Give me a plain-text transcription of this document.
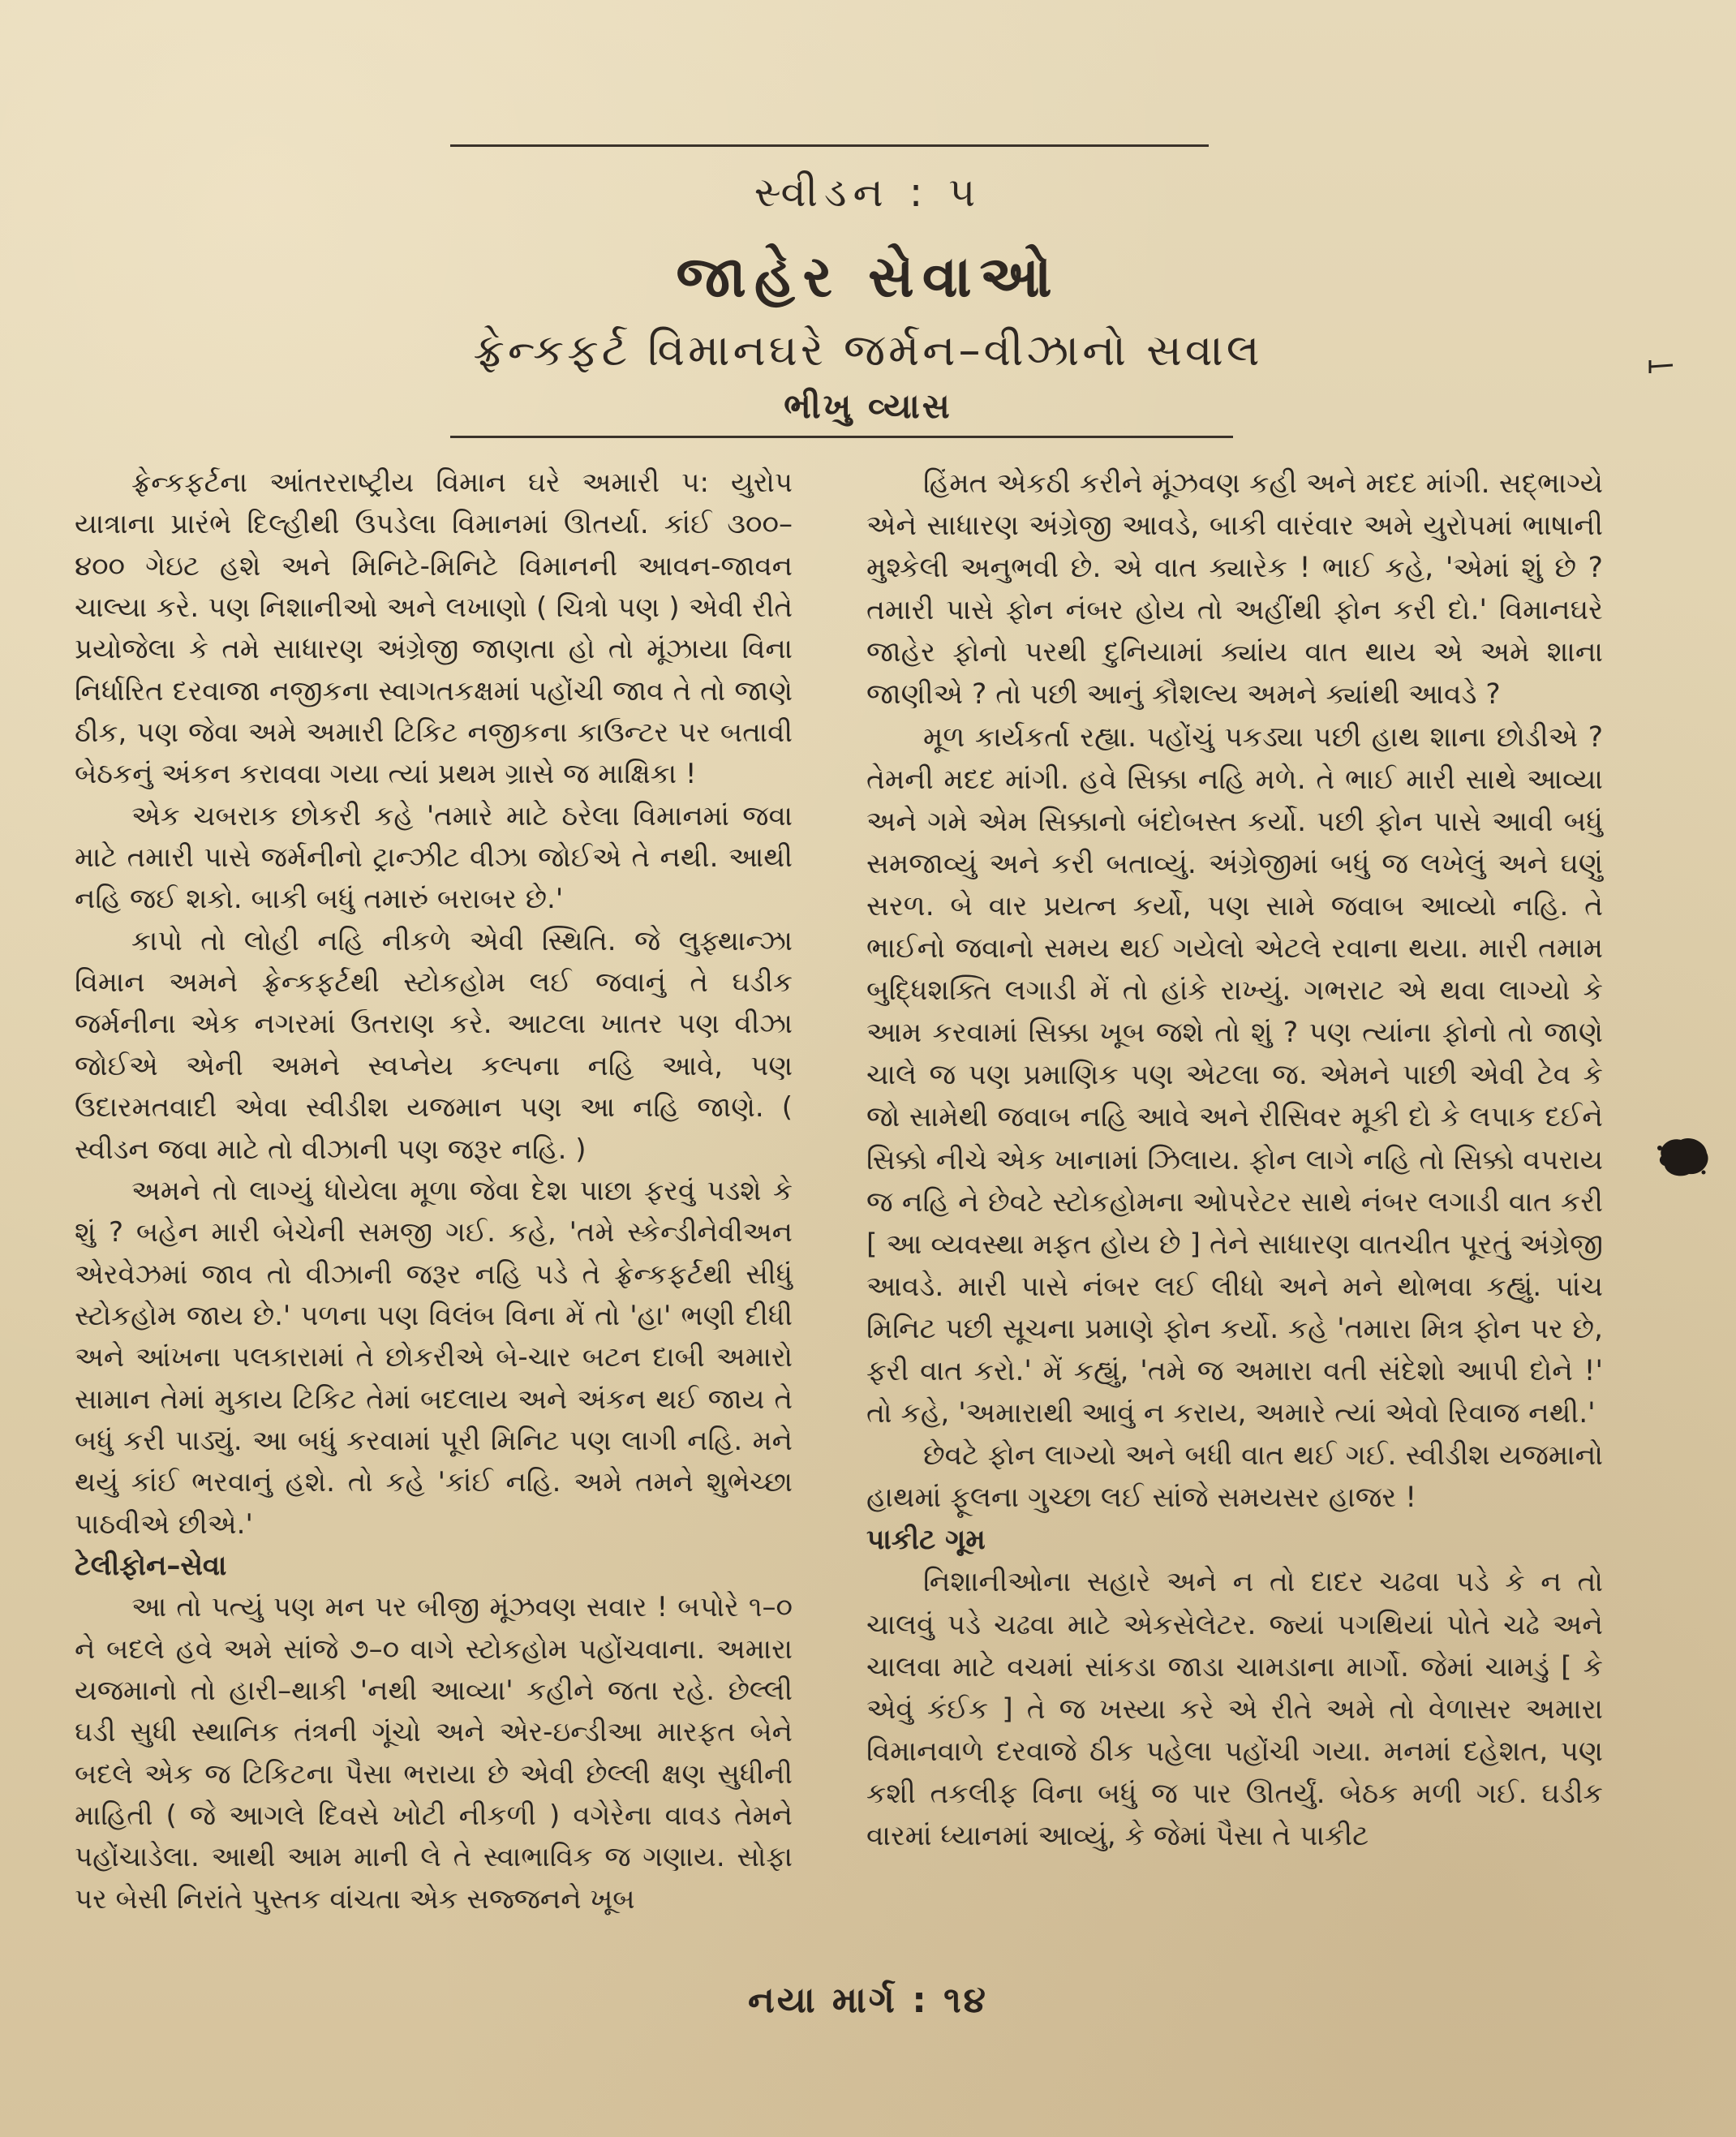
સ્વીડન : ૫
જાહેર સેવાઓ
ફ્રેન્કફર્ટ વિમાનઘરે જર્મન–વીઝાનો સવાલ
ભીખુ વ્યાસ

ફ્રેન્કફર્ટના આંતરરાષ્ટ્રીય વિમાન ઘરે અમારી ૫: યુરોપ યાત્રાના પ્રારંભે દિલ્હીથી ઉપડેલા વિમાનમાં ઊતર્યા. કાંઈ ૩૦૦–૪૦૦ ગેઇટ હશે અને મિનિટે-મિનિટે વિમાનની આવન-જાવન ચાલ્યા કરે. પણ નિશાનીઓ અને લખાણો ( ચિત્રો પણ ) એવી રીતે પ્રયોજેલા કે તમે સાધારણ અંગ્રેજી જાણતા હો તો મૂંઝાયા વિના નિર્ધારિત દરવાજા નજીકના સ્વાગતકક્ષમાં પહોંચી જાવ તે તો જાણે ઠીક, પણ જેવા અમે અમારી ટિકિટ નજીકના કાઉન્ટર પર બતાવી બેઠકનું અંકન કરાવવા ગયા ત્યાં પ્રથમ ગ્રાસે જ માક્ષિકા !

એક ચબરાક છોકરી કહે 'તમારે માટે ઠરેલા વિમાનમાં જવા માટે તમારી પાસે જર્મનીનો ટ્રાન્ઝીટ વીઝા જોઈએ તે નથી. આથી નહિ જઈ શકો. બાકી બધું તમારું બરાબર છે.'

કાપો તો લોહી નહિ નીકળે એવી સ્થિતિ. જે લુફ્થાન્ઝા વિમાન અમને ફ્રેન્કફર્ટથી સ્ટોકહોમ લઈ જવાનું તે ઘડીક જર્મનીના એક નગરમાં ઉતરાણ કરે. આટલા ખાતર પણ વીઝા જોઈએ એની અમને સ્વપ્નેય કલ્પના નહિ આવે, પણ ઉદારમતવાદી એવા સ્વીડીશ યજમાન પણ આ નહિ જાણે. ( સ્વીડન જવા માટે તો વીઝાની પણ જરૂર નહિ. )

અમને તો લાગ્યું ધોયેલા મૂળા જેવા દેશ પાછા ફરવું પડશે કે શું ? બહેન મારી બેચેની સમજી ગઈ. કહે, 'તમે સ્કેન્ડીનેવીઅન એરવેઝમાં જાવ તો વીઝાની જરૂર નહિ પડે તે ફ્રેન્કફર્ટથી સીધું સ્ટોકહોમ જાય છે.' પળના પણ વિલંબ વિના મેં તો 'હા' ભણી દીધી અને આંખના પલકારામાં તે છોકરીએ બે-ચાર બટન દાબી અમારો સામાન તેમાં મુકાય ટિકિટ તેમાં બદલાય અને અંકન થઈ જાય તે બધું કરી પાડ્યું. આ બધું કરવામાં પૂરી મિનિટ પણ લાગી નહિ. મને થયું કાંઈ ભરવાનું હશે. તો કહે 'કાંઈ નહિ. અમે તમને શુભેચ્છા પાઠવીએ છીએ.'

ટેલીફોન–સેવા

આ તો પત્યું પણ મન પર બીજી મૂંઝવણ સવાર ! બપોરે ૧–૦ ને બદલે હવે અમે સાંજે ૭–૦ વાગે સ્ટોકહોમ પહોંચવાના. અમારા યજમાનો તો હારી–થાકી 'નથી આવ્યા' કહીને જતા રહે. છેલ્લી ઘડી સુધી સ્થાનિક તંત્રની ગૂંચો અને એર-ઇન્ડીઆ મારફત બેને બદલે એક જ ટિકિટના પૈસા ભરાયા છે એવી છેલ્લી ક્ષણ સુધીની માહિતી ( જે આગલે દિવસે ખોટી નીકળી ) વગેરેના વાવડ તેમને પહોંચાડેલા. આથી આમ માની લે તે સ્વાભાવિક જ ગણાય. સોફા પર બેસી નિરાંતે પુસ્તક વાંચતા એક સજ્જનને ખૂબ

હિંમત એકઠી કરીને મૂંઝવણ કહી અને મદદ માંગી. સદ્ભાગ્યે એને સાધારણ અંગ્રેજી આવડે, બાકી વારંવાર અમે યુરોપમાં ભાષાની મુશ્કેલી અનુભવી છે. એ વાત ક્યારેક ! ભાઈ કહે, 'એમાં શું છે ? તમારી પાસે ફોન નંબર હોય તો અહીંથી ફોન કરી દો.' વિમાનઘરે જાહેર ફોનો પરથી દુનિયામાં ક્યાંય વાત થાય એ અમે શાના જાણીએ ? તો પછી આનું કૌશલ્ય અમને ક્યાંથી આવડે ?

મૂળ કાર્યકર્તા રહ્યા. પહોંચું પકડ્યા પછી હાથ શાના છોડીએ ? તેમની મદદ માંગી. હવે સિક્કા નહિ મળે. તે ભાઈ મારી સાથે આવ્યા અને ગમે એમ સિક્કાનો બંદોબસ્ત કર્યો. પછી ફોન પાસે આવી બધું સમજાવ્યું અને કરી બતાવ્યું. અંગ્રેજીમાં બધું જ લખેલું અને ઘણું સરળ. બે વાર પ્રયત્ન કર્યો, પણ સામે જવાબ આવ્યો નહિ. તે ભાઈનો જવાનો સમય થઈ ગયેલો એટલે રવાના થયા. મારી તમામ બુદ્ધિશક્તિ લગાડી મેં તો હાંકે રાખ્યું. ગભરાટ એ થવા લાગ્યો કે આમ કરવામાં સિક્કા ખૂબ જશે તો શું ? પણ ત્યાંના ફોનો તો જાણે ચાલે જ પણ પ્રમાણિક પણ એટલા જ. એમને પાછી એવી ટેવ કે જો સામેથી જવાબ નહિ આવે અને રીસિવર મૂકી દો કે લપાક દઈને સિક્કો નીચે એક ખાનામાં ઝિલાય. ફોન લાગે નહિ તો સિક્કો વપરાય જ નહિ ને છેવટે સ્ટોકહોમના ઓપરેટર સાથે નંબર લગાડી વાત કરી [ આ વ્યવસ્થા મફત હોય છે ] તેને સાધારણ વાતચીત પૂરતું અંગ્રેજી આવડે. મારી પાસે નંબર લઈ લીધો અને મને થોભવા કહ્યું. પાંચ મિનિટ પછી સૂચના પ્રમાણે ફોન કર્યો. કહે 'તમારા મિત્ર ફોન પર છે, ફરી વાત કરો.' મેં કહ્યું, 'તમે જ અમારા વતી સંદેશો આપી દોને !' તો કહે, 'અમારાથી આવું ન કરાય, અમારે ત્યાં એવો રિવાજ નથી.'

છેવટે ફોન લાગ્યો અને બધી વાત થઈ ગઈ. સ્વીડીશ યજમાનો હાથમાં ફૂલના ગુચ્છા લઈ સાંજે સમયસર હાજર !

પાકીટ ગૂમ

નિશાનીઓના સહારે અને ન તો દાદર ચઢવા પડે કે ન તો ચાલવું પડે ચઢવા માટે એકસેલેટર. જ્યાં પગથિયાં પોતે ચઢે અને ચાલવા માટે વચમાં સાંકડા જાડા ચામડાના માર્ગો. જેમાં ચામડું [ કે એવું કંઈક ] તે જ ખસ્યા કરે એ રીતે અમે તો વેળાસર અમારા વિમાનવાળે દરવાજે ઠીક પહેલા પહોંચી ગયા. મનમાં દહેશત, પણ કશી તકલીફ વિના બધું જ પાર ઊતર્યું. બેઠક મળી ગઈ. ઘડીક વારમાં ધ્યાનમાં આવ્યું, કે જેમાં પૈસા તે પાકીટ

નયા માર્ગ : ૧૪
